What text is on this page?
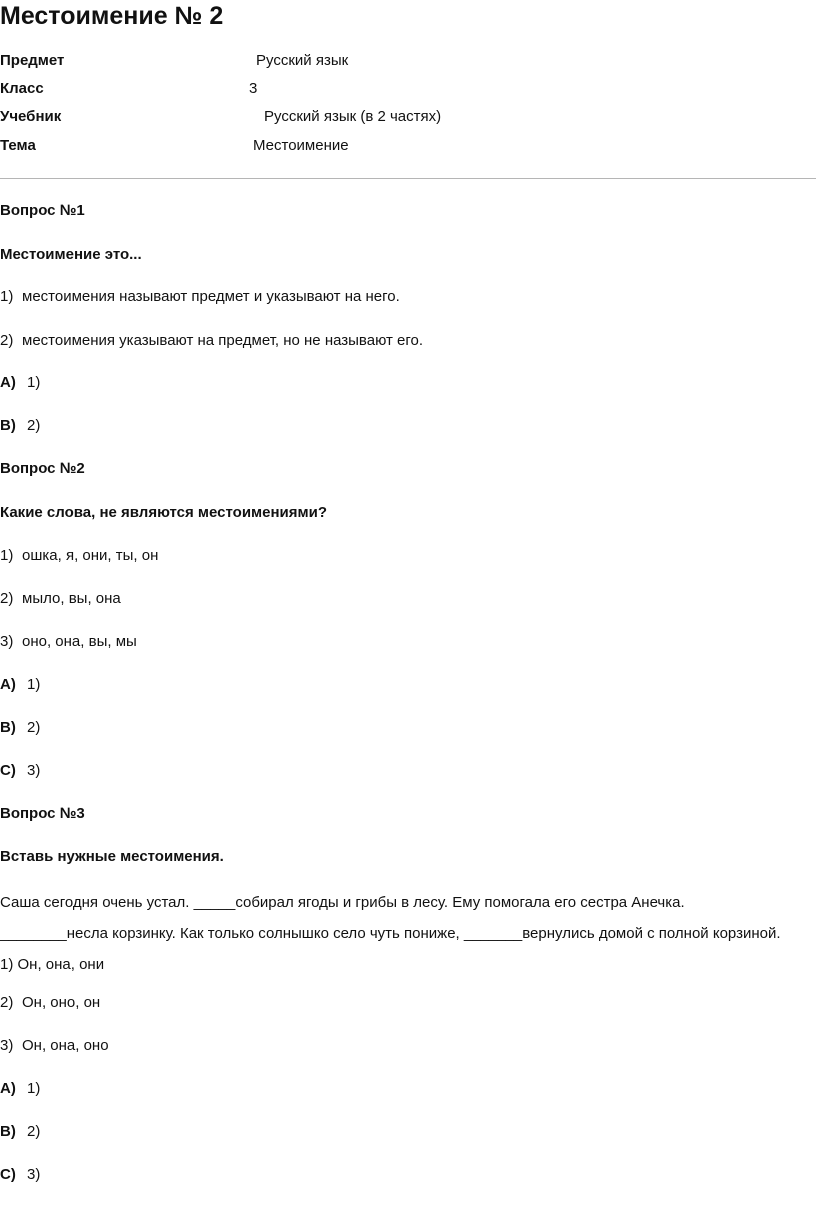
Местоимение № 2
Предмет	Русский язык
Класс	3
Учебник	Русский язык (в 2 частях)
Тема	Местоимение
Вопрос №1
Местоимение это...
1) местоимения называют предмет и указывают на него.
2) местоимения указывают на предмет, но не называют его.
A) 1)
B) 2)
Вопрос №2
Какие слова, не являются местоимениями?
1) ошка, я, они, ты, он
2) мыло, вы, она
3) оно, она, вы, мы
A) 1)
B) 2)
C) 3)
Вопрос №3
Вставь нужные местоимения.
Саша сегодня очень устал. _____собирал ягоды и грибы в лесу. Ему помогала его сестра Анечка.
________несла корзинку. Как только солнышко село чуть пониже, _______вернулись домой с полной корзиной. 1) Он, она, они
2) Он, оно, он
3) Он, она, оно
A) 1)
B) 2)
C) 3)
